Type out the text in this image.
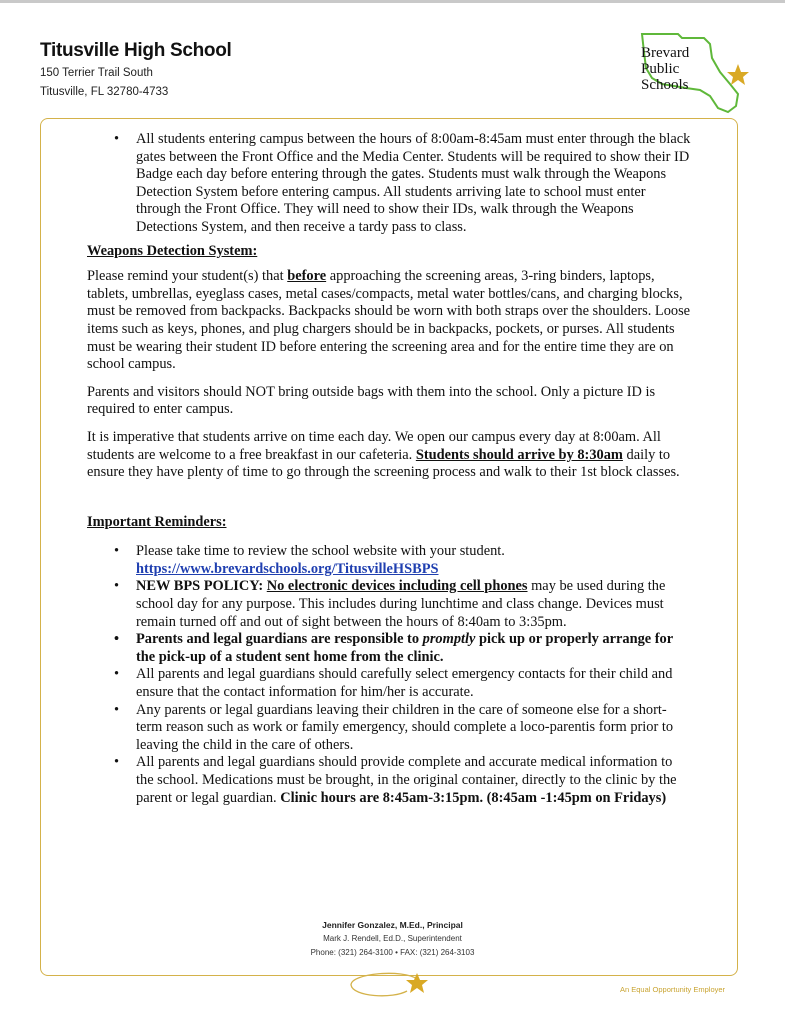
Titusville High School
150 Terrier Trail South
Titusville, FL 32780-4733
Brevard
Public
Schools
• All students entering campus between the hours of 8:00am-8:45am must enter through the black gates between the Front Office and the Media Center. Students will be required to show their ID Badge each day before entering through the gates. Students must walk through the Weapons Detection System before entering campus. All students arriving late to school must enter through the Front Office. They will need to show their IDs, walk through the Weapons Detections System, and then receive a tardy pass to class.
Weapons Detection System:

Please remind your student(s) that before approaching the screening areas, 3-ring binders, laptops, tablets, umbrellas, eyeglass cases, metal cases/compacts, metal water bottles/cans, and charging blocks, must be removed from backpacks. Backpacks should be worn with both straps over the shoulders. Loose items such as keys, phones, and plug chargers should be in backpacks, pockets, or purses. All students must be wearing their student ID before entering the screening area and for the entire time they are on school campus.

Parents and visitors should NOT bring outside bags with them into the school. Only a picture ID is required to enter campus.

It is imperative that students arrive on time each day. We open our campus every day at 8:00am. All students are welcome to a free breakfast in our cafeteria. Students should arrive by 8:30am daily to ensure they have plenty of time to go through the screening process and walk to their 1st block classes.

Important Reminders:
• Please take time to review the school website with your student.
https://www.brevardschools.org/TitusvilleHSBPS
• NEW BPS POLICY: No electronic devices including cell phones may be used during the school day for any purpose. This includes during lunchtime and class change. Devices must remain turned off and out of sight between the hours of 8:40am to 3:35pm.
• Parents and legal guardians are responsible to promptly pick up or properly arrange for the pick-up of a student sent home from the clinic.
• All parents and legal guardians should carefully select emergency contacts for their child and ensure that the contact information for him/her is accurate.
• Any parents or legal guardians leaving their children in the care of someone else for a short-term reason such as work or family emergency, should complete a loco-parentis form prior to leaving the child in the care of others.
• All parents and legal guardians should provide complete and accurate medical information to the school. Medications must be brought, in the original container, directly to the clinic by the parent or legal guardian. Clinic hours are 8:45am-3:15pm. (8:45am -1:45pm on Fridays)
Jennifer Gonzalez, M.Ed., Principal
Mark J. Rendell, Ed.D., Superintendent
Phone: (321) 264-3100 • FAX: (321) 264-3103
An Equal Opportunity Employer
